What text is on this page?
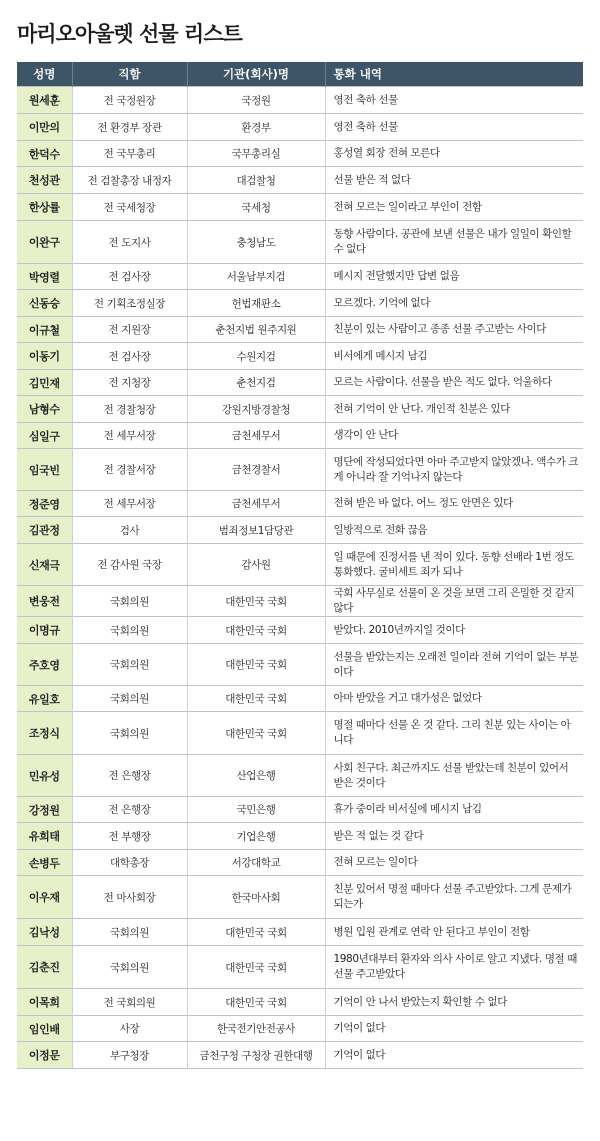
마리오아울렛 선물 리스트
성명	직함	기관(회사)명	통화 내역
원세훈	전 국정원장	국정원	영전 축하 선물
이만의	전 환경부 장관	환경부	영전 축하 선물
한덕수	전 국무총리	국무총리실	홍성열 회장 전혀 모른다
천성관	전 검찰총장 내정자	대검찰청	선물 받은 적 없다
한상률	전 국세청장	국세청	전혀 모르는 일이라고 부인이 전함
이완구	전 도지사	충청남도	동향 사람이다. 공관에 보낸 선물은 내가 일일이 확인할 수 없다
박영렬	전 검사장	서울남부지검	메시지 전달했지만 답변 없음
신동승	전 기획조정실장	헌법재판소	모르겠다. 기억에 없다
이규철	전 지원장	춘천지법 원주지원	친분이 있는 사람이고 종종 선물 주고받는 사이다
이동기	전 검사장	수원지검	비서에게 메시지 남김
김민재	전 지청장	춘천지검	모르는 사람이다. 선물을 받은 적도 없다. 억울하다
남형수	전 경찰청장	강원지방경찰청	전혀 기억이 안 난다. 개인적 친분은 있다
심일구	전 세무서장	금천세무서	생각이 안 난다
임국빈	전 경찰서장	금천경찰서	명단에 작성되었다면 아마 주고받지 않았겠나. 액수가 크게 아니라 잘 기억나지 않는다
정준영	전 세무서장	금천세무서	전혀 받은 바 없다. 어느 정도 안면은 있다
김관정	검사	범죄정보1담당관	일방적으로 전화 끊음
신재극	전 감사원 국장	감사원	일 때문에 진정서를 낸 적이 있다. 동향 선배라 1번 정도 통화했다. 굴비세트 죄가 되나
변웅전	국회의원	대한민국 국회	국회 사무실로 선물이 온 것을 보면 그리 은밀한 것 같지 않다
이명규	국회의원	대한민국 국회	받았다. 2010년까지일 것이다
주호영	국회의원	대한민국 국회	선물을 받았는지는 오래전 일이라 전혀 기억이 없는 부분이다
유일호	국회의원	대한민국 국회	아마 받았을 거고 대가성은 없었다
조정식	국회의원	대한민국 국회	명절 때마다 선물 온 것 같다. 그리 친분 있는 사이는 아니다
민유성	전 은행장	산업은행	사회 친구다. 최근까지도 선물 받았는데 친분이 있어서 받은 것이다
강정원	전 은행장	국민은행	휴가 중이라 비서실에 메시지 남김
유희태	전 부행장	기업은행	받은 적 없는 것 같다
손병두	대학총장	서강대학교	전혀 모르는 일이다
이우재	전 마사회장	한국마사회	친분 있어서 명절 때마다 선물 주고받았다. 그게 문제가 되는가
김낙성	국회의원	대한민국 국회	병원 입원 관계로 연락 안 된다고 부인이 전함
김춘진	국회의원	대한민국 국회	1980년대부터 환자와 의사 사이로 알고 지냈다. 명절 때 선물 주고받았다
이목희	전 국회의원	대한민국 국회	기억이 안 나서 받았는지 확인할 수 없다
임인배	사장	한국전기안전공사	기억이 없다
이정문	부구청장	금천구청 구청장 권한대행	기억이 없다
